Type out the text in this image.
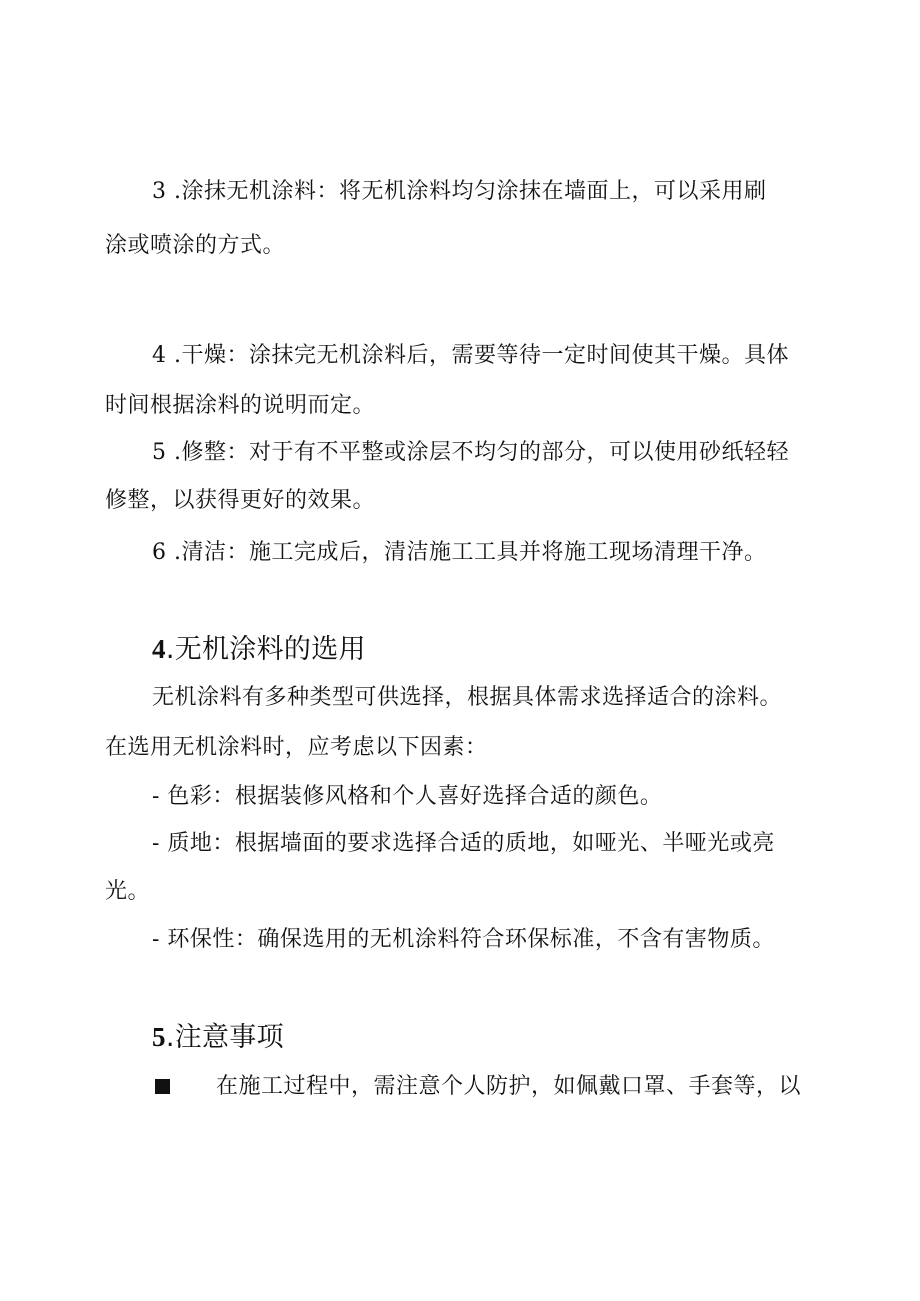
3 .涂抹无机涂料：将无机涂料均匀涂抹在墙面上，可以采用刷
涂或喷涂的方式。
4 .干燥：涂抹完无机涂料后，需要等待一定时间使其干燥。具体
时间根据涂料的说明而定。
5 .修整：对于有不平整或涂层不均匀的部分，可以使用砂纸轻轻
修整，以获得更好的效果。
6 .清洁：施工完成后，清洁施工工具并将施工现场清理干净。
4.无机涂料的选用
无机涂料有多种类型可供选择，根据具体需求选择适合的涂料。
在选用无机涂料时，应考虑以下因素：
- 色彩：根据装修风格和个人喜好选择合适的颜色。
- 质地：根据墙面的要求选择合适的质地，如哑光、半哑光或亮
光。
- 环保性：确保选用的无机涂料符合环保标准，不含有害物质。
5.注意事项
在施工过程中，需注意个人防护，如佩戴口罩、手套等，以
